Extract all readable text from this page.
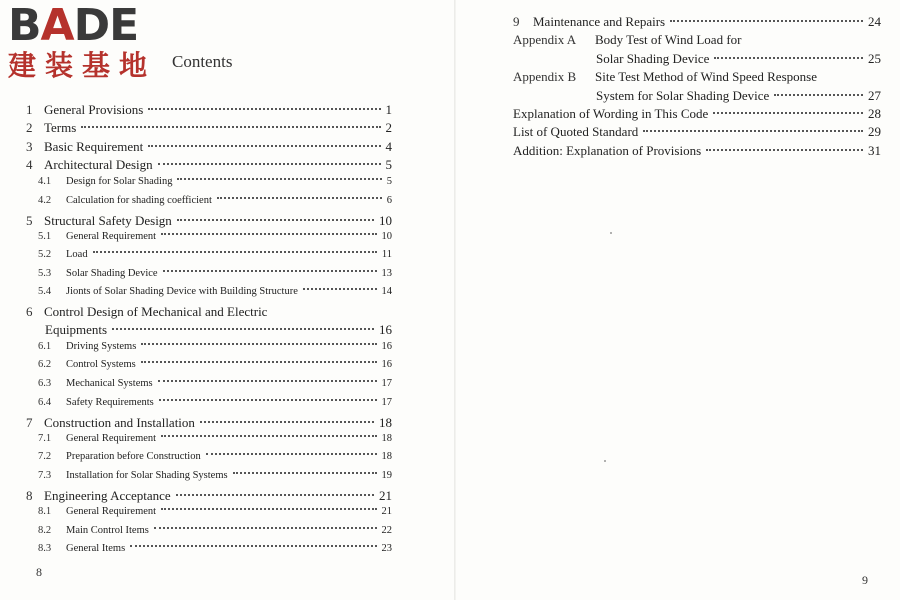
BADE
建装基地 Contents
1 General Provisions	1
2 Terms	2
3 Basic Requirement	4
4 Architectural Design	5
4.1	Design for Solar Shading	5
4.2	Calculation for shading coefficient	6
5 Structural Safety Design	10
5.1	General Requirement	10
5.2	Load	11
5.3	Solar Shading Device	13
5.4	Jionts of Solar Shading Device with Building Structure	14
6 Control Design of Mechanical and Electric
Equipments	16
6.1	Driving Systems	16
6.2	Control Systems	16
6.3	Mechanical Systems	17
6.4	Safety Requirements	17
7 Construction and Installation	18
7.1	General Requirement	18
7.2	Preparation before Construction	18
7.3	Installation for Solar Shading Systems	19
8 Engineering Acceptance	21
8.1	General Requirement	21
8.2	Main Control Items	22
8.3	General Items	23
8
9	Maintenance and Repairs	24
Appendix A	Body Test of Wind Load for
Solar Shading Device	25
Appendix B	Site Test Method of Wind Speed Response
System for Solar Shading Device	27
Explanation of Wording in This Code	28
List of Quoted Standard	29
Addition: Explanation of Provisions	31
9
